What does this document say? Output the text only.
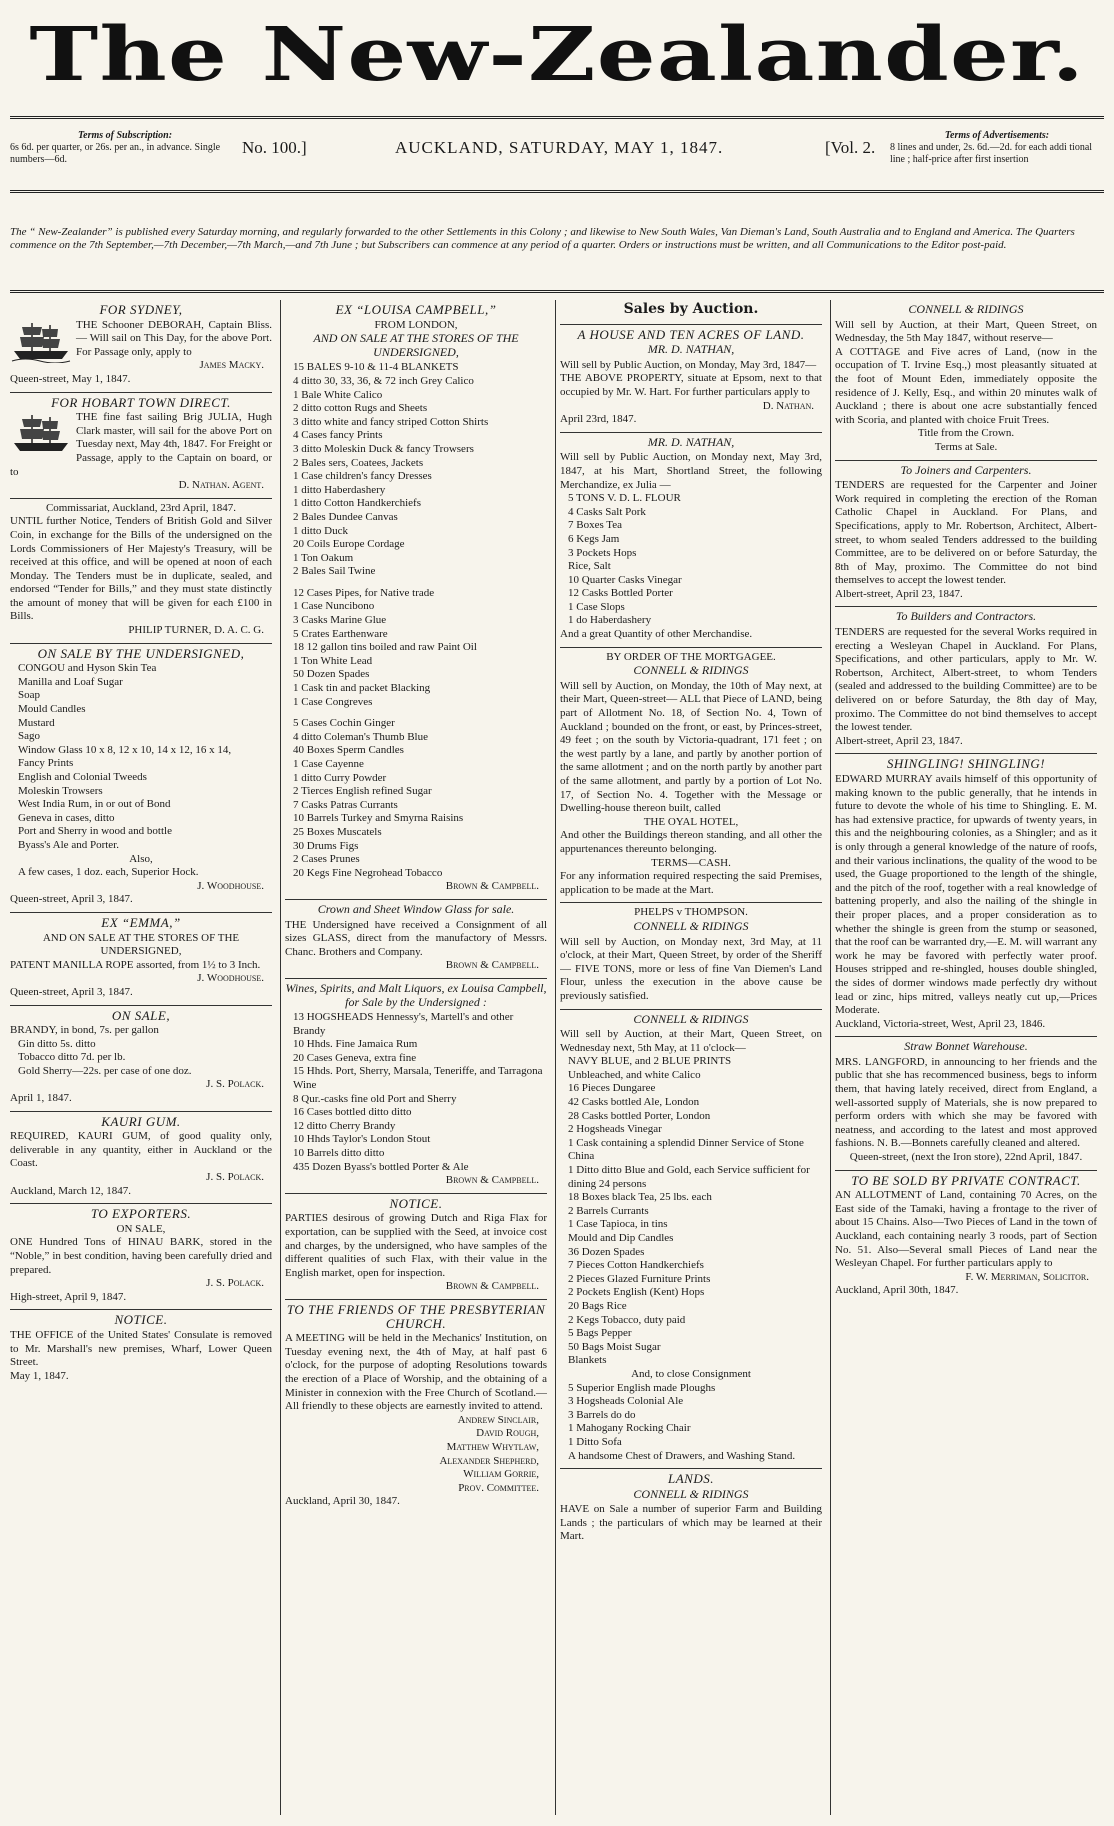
The New-Zealander.
Terms of Subscription:
6s 6d. per quarter, or 26s. per an., in advance. Single numbers—6d.
No. 100.]	AUCKLAND, SATURDAY, MAY 1, 1847.	[Vol. 2.
Terms of Advertisements:
8 lines and under, 2s. 6d.—2d. for each addi tional line ; half-price after first insertion
The “ New-Zealander” is published every Saturday morning, and regularly forwarded to the other Settlements in this Colony ; and likewise to New South Wales, Van Dieman's Land, South Australia and to England and America. The Quarters commence on the 7th September,—7th December,—7th March,—and 7th June ; but Subscribers can commence at any period of a quarter. Orders or instructions must be written, and all Communications to the Editor post-paid.
FOR SYDNEY,

THE Schooner DEBORAH, Captain Bliss. — Will sail on This Day, for the above Port. For Passage only, apply to

James Macky.

Queen-street, May 1, 1847.

FOR HOBART TOWN DIRECT.

THE fine fast sailing Brig JULIA, Hugh Clark master, will sail for the above Port on Tuesday next, May 4th, 1847. For Freight or Passage, apply to the Captain on board, or to

D. Nathan. Agent.

Commissariat, Auckland, 23rd April, 1847.

UNTIL further Notice, Tenders of British Gold and Silver Coin, in exchange for the Bills of the undersigned on the Lords Commissioners of Her Majesty's Treasury, will be received at this office, and will be opened at noon of each Monday. The Tenders must be in duplicate, sealed, and endorsed “Tender for Bills,” and they must state distinctly the amount of money that will be given for each £100 in Bills.

PHILIP TURNER, D. A. C. G.

ON SALE BY THE UNDERSIGNED,
CONGOU and Hyson Skin Tea
Manilla and Loaf Sugar
Soap
Mould Candles
Mustard
Sago
Window Glass 10 x 8, 12 x 10, 14 x 12, 16 x 14,
Fancy Prints
English and Colonial Tweeds
Moleskin Trowsers
West India Rum, in or out of Bond
Geneva in cases, ditto
Port and Sherry in wood and bottle
Byass's Ale and Porter.
Also,
A few cases, 1 doz. each, Superior Hock.

J. Woodhouse.

Queen-street, April 3, 1847.

EX “EMMA,”

AND ON SALE AT THE STORES OF THE UNDERSIGNED,

PATENT MANILLA ROPE assorted, from 1½ to 3 Inch.

J. Woodhouse.

Queen-street, April 3, 1847.

ON SALE,
BRANDY, in bond, 7s. per gallon
Gin ditto 5s. ditto
Tobacco ditto 7d. per lb.
Gold Sherry—22s. per case of one doz.

J. S. Polack.

April 1, 1847.

KAURI GUM.

REQUIRED, KAURI GUM, of good quality only, deliverable in any quantity, either in Auckland or the Coast.

J. S. Polack.

Auckland, March 12, 1847.

TO EXPORTERS.

ON SALE,

ONE Hundred Tons of HINAU BARK, stored in the “Noble,” in best condition, having been carefully dried and prepared.

J. S. Polack.

High-street, April 9, 1847.

NOTICE.

THE OFFICE of the United States' Consulate is removed to Mr. Marshall's new premises, Wharf, Lower Queen Street.

May 1, 1847.

EX “LOUISA CAMPBELL,”

FROM LONDON,

AND ON SALE AT THE STORES OF THE UNDERSIGNED,
15 BALES 9-10 & 11-4 BLANKETS
4 ditto 30, 33, 36, & 72 inch Grey Calico
1 Bale White Calico
2 ditto cotton Rugs and Sheets
3 ditto white and fancy striped Cotton Shirts
4 Cases fancy Prints
3 ditto Moleskin Duck & fancy Trowsers
2 Bales sers, Coatees, Jackets
1 Case children's fancy Dresses
1 ditto Haberdashery
1 ditto Cotton Handkerchiefs
2 Bales Dundee Canvas
1 ditto Duck
20 Coils Europe Cordage
1 Ton Oakum
2 Bales Sail Twine
12 Cases Pipes, for Native trade
1 Case Nuncibono
3 Casks Marine Glue
5 Crates Earthenware
18 12 gallon tins boiled and raw Paint Oil
1 Ton White Lead
50 Dozen Spades
1 Cask tin and packet Blacking
1 Case Congreves
5 Cases Cochin Ginger
4 ditto Coleman's Thumb Blue
40 Boxes Sperm Candles
1 Case Cayenne
1 ditto Curry Powder
2 Tierces English refined Sugar
7 Casks Patras Currants
10 Barrels Turkey and Smyrna Raisins
25 Boxes Muscatels
30 Drums Figs
2 Cases Prunes
20 Kegs Fine Negrohead Tobacco

Brown & Campbell.

Crown and Sheet Window Glass for sale.

THE Undersigned have received a Consignment of all sizes GLASS, direct from the manufactory of Messrs. Chanc. Brothers and Company.

Brown & Campbell.

Wines, Spirits, and Malt Liquors, ex Louisa Campbell, for Sale by the Undersigned :
13 HOGSHEADS Hennessy's, Martell's and other Brandy
10 Hhds. Fine Jamaica Rum
20 Cases Geneva, extra fine
15 Hhds. Port, Sherry, Marsala, Teneriffe, and Tarragona Wine
8 Qur.-casks fine old Port and Sherry
16 Cases bottled ditto ditto
12 ditto Cherry Brandy
10 Hhds Taylor's London Stout
10 Barrels ditto ditto
435 Dozen Byass's bottled Porter & Ale

Brown & Campbell.

NOTICE.

PARTIES desirous of growing Dutch and Riga Flax for exportation, can be supplied with the Seed, at invoice cost and charges, by the undersigned, who have samples of the different qualities of such Flax, with their value in the English market, open for inspection.

Brown & Campbell.

TO THE FRIENDS OF THE PRESBYTERIAN CHURCH.

A MEETING will be held in the Mechanics' Institution, on Tuesday evening next, the 4th of May, at half past 6 o'clock, for the purpose of adopting Resolutions towards the erection of a Place of Worship, and the obtaining of a Minister in connexion with the Free Church of Scotland.—All friendly to these objects are earnestly invited to attend.

Andrew Sinclair,
David Rough,
Matthew Whytlaw,
Alexander Shepherd,
William Gorrie,

Prov. Committee.

Auckland, April 30, 1847.

Sales by Auction.
A HOUSE AND TEN ACRES OF LAND.
MR. D. NATHAN,

Will sell by Public Auction, on Monday, May 3rd, 1847—

THE ABOVE PROPERTY, situate at Epsom, next to that occupied by Mr. W. Hart. For further particulars apply to

D. Nathan.

April 23rd, 1847.

MR. D. NATHAN,

Will sell by Public Auction, on Monday next, May 3rd, 1847, at his Mart, Shortland Street, the following Merchandize, ex Julia —

5 TONS V. D. L. FLOUR
4 Casks Salt Pork
7 Boxes Tea
6 Kegs Jam
3 Pockets Hops
Rice, Salt
10 Quarter Casks Vinegar
12 Casks Bottled Porter
1 Case Slops
1 do Haberdashery
And a great Quantity of other Merchandise.

BY ORDER OF THE MORTGAGEE.

CONNELL & RIDINGS

Will sell by Auction, on Monday, the 10th of May next, at their Mart, Queen-street— ALL that Piece of LAND, being part of Allotment No. 18, of Section No. 4, Town of Auckland ; bounded on the front, or east, by Princes-street, 49 feet ; on the south by Victoria-quadrant, 171 feet ; on the west partly by a lane, and partly by another portion of the same allotment ; and on the north partly by another part of the same allotment, and partly by a portion of Lot No. 17, of Section No. 4. Together with the Message or Dwelling-house thereon built, called

THE OYAL HOTEL,

And other the Buildings thereon standing, and all other the appurtenances thereunto belonging.

TERMS—CASH.

For any information required respecting the said Premises, application to be made at the Mart.

PHELPS v THOMPSON.

CONNELL & RIDINGS

Will sell by Auction, on Monday next, 3rd May, at 11 o'clock, at their Mart, Queen Street, by order of the Sheriff— FIVE TONS, more or less of fine Van Diemen's Land Flour, unless the execution in the above cause be previously satisfied.

CONNELL & RIDINGS

Will sell by Auction, at their Mart, Queen Street, on Wednesday next, 5th May, at 11 o'clock—

NAVY BLUE, and 2 BLUE PRINTS
Unbleached, and white Calico
16 Pieces Dungaree
42 Casks bottled Ale, London
28 Casks bottled Porter, London
2 Hogsheads Vinegar
1 Cask containing a splendid Dinner Service of Stone China
1 Ditto ditto Blue and Gold, each Service sufficient for dining 24 persons
18 Boxes black Tea, 25 lbs. each
2 Barrels Currants
1 Case Tapioca, in tins
Mould and Dip Candles
36 Dozen Spades
7 Pieces Cotton Handkerchiefs
2 Pieces Glazed Furniture Prints
2 Pockets English (Kent) Hops
20 Bags Rice
2 Kegs Tobacco, duty paid
5 Bags Pepper
50 Bags Moist Sugar
Blankets
And, to close Consignment
5 Superior English made Ploughs
3 Hogsheads Colonial Ale
3 Barrels do do
1 Mahogany Rocking Chair
1 Ditto Sofa
A handsome Chest of Drawers, and Washing Stand.
LANDS.
CONNELL & RIDINGS

HAVE on Sale a number of superior Farm and Building Lands ; the particulars of which may be learned at their Mart.

CONNELL & RIDINGS

Will sell by Auction, at their Mart, Queen Street, on Wednesday, the 5th May 1847, without reserve—

A COTTAGE and Five acres of Land, (now in the occupation of T. Irvine Esq.,) most pleasantly situated at the foot of Mount Eden, immediately opposite the residence of J. Kelly, Esq., and within 20 minutes walk of Auckland ; there is about one acre substantially fenced with Scoria, and planted with choice Fruit Trees.

Title from the Crown.

Terms at Sale.

To Joiners and Carpenters.

TENDERS are requested for the Carpenter and Joiner Work required in completing the erection of the Roman Catholic Chapel in Auckland. For Plans, and Specifications, apply to Mr. Robertson, Architect, Albert-street, to whom sealed Tenders addressed to the building Committee, are to be delivered on or before Saturday, the 8th of May, proximo. The Committee do not bind themselves to accept the lowest tender.

Albert-street, April 23, 1847.

To Builders and Contractors.

TENDERS are requested for the several Works required in erecting a Wesleyan Chapel in Auckland. For Plans, Specifications, and other particulars, apply to Mr. W. Robertson, Architect, Albert-street, to whom Tenders (sealed and addressed to the building Committee) are to be delivered on or before Saturday, the 8th day of May, proximo. The Committee do not bind themselves to accept the lowest tender.

Albert-street, April 23, 1847.

SHINGLING! SHINGLING!

EDWARD MURRAY avails himself of this opportunity of making known to the public generally, that he intends in future to devote the whole of his time to Shingling. E. M. has had extensive practice, for upwards of twenty years, in this and the neighbouring colonies, as a Shingler; and as it is only through a general knowledge of the nature of roofs, and their various inclinations, the quality of the wood to be used, the Guage proportioned to the length of the shingle, and the pitch of the roof, together with a real knowledge of battening properly, and also the nailing of the shingle in their proper places, and a proper consideration as to whether the shingle is green from the stump or seasoned, that the roof can be warranted dry,—E. M. will warrant any work he may be favored with perfectly water proof. Houses stripped and re-shingled, houses double shingled, the sides of dormer windows made perfectly dry without lead or zinc, hips mitred, valleys neatly cut up,—Prices Moderate.

Auckland, Victoria-street, West, April 23, 1846.

Straw Bonnet Warehouse.

MRS. LANGFORD, in announcing to her friends and the public that she has recommenced business, begs to inform them, that having lately received, direct from England, a well-assorted supply of Materials, she is now prepared to perform orders with which she may be favored with neatness, and according to the latest and most approved fashions. N. B.—Bonnets carefully cleaned and altered.

Queen-street, (next the Iron store), 22nd April, 1847.

TO BE SOLD BY PRIVATE CONTRACT.

AN ALLOTMENT of Land, containing 70 Acres, on the East side of the Tamaki, having a frontage to the river of about 15 Chains. Also—Two Pieces of Land in the town of Auckland, each containing nearly 3 roods, part of Section No. 51. Also—Several small Pieces of Land near the Wesleyan Chapel. For further particulars apply to

F. W. Merriman, Solicitor.

Auckland, April 30th, 1847.
